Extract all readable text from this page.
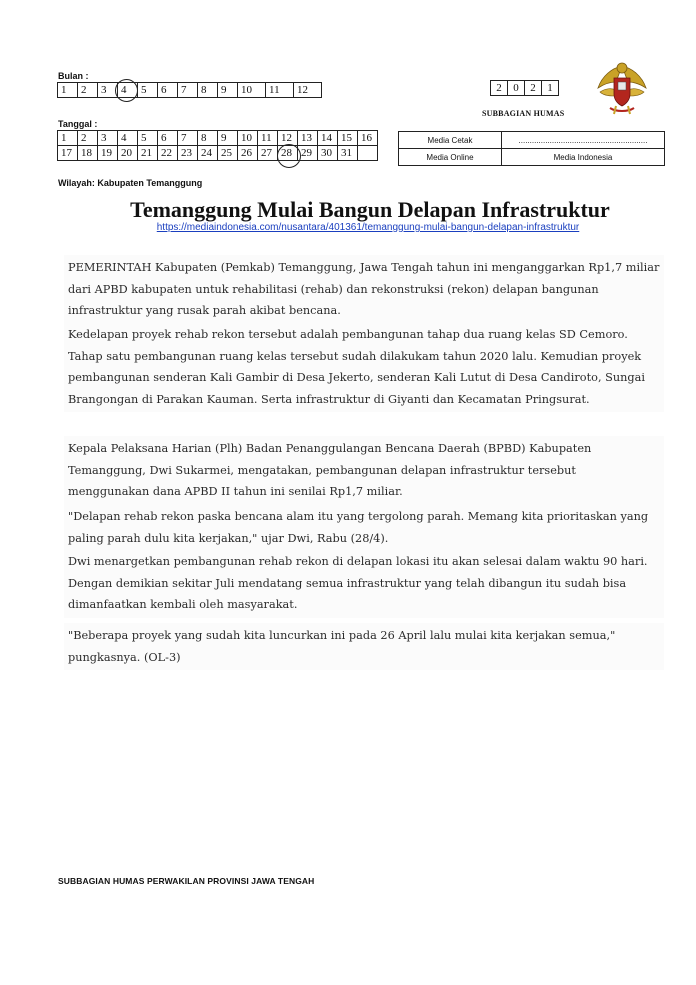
Bulan :
1	2	3	4	5	6	7	8	9	10	11	12	2	0	2	1
SUBBAGIAN HUMAS
Tanggal :
1	2	3	4	5	6	7	8	9	10	11	12	13	14	15	16
17	18	19	20	21	22	23	24	25	26	27	28	29	30	31	
Media Cetak	..........................................................
Media Online	Media Indonesia
Wilayah: Kabupaten Temanggung
Temanggung Mulai Bangun Delapan Infrastruktur
https://mediaindonesia.com/nusantara/401361/temanggung-mulai-bangun-delapan-infrastruktur
PEMERINTAH Kabupaten (Pemkab) Temanggung, Jawa Tengah tahun ini menganggarkan Rp1,7 miliar dari APBD kabupaten untuk rehabilitasi (rehab) dan rekonstruksi (rekon) delapan bangunan infrastruktur yang rusak parah akibat bencana.
Kedelapan proyek rehab rekon tersebut adalah pembangunan tahap dua ruang kelas SD Cemoro. Tahap satu pembangunan ruang kelas tersebut sudah dilakukam tahun 2020 lalu. Kemudian proyek pembangunan senderan Kali Gambir di Desa Jekerto, senderan Kali Lutut di Desa Candiroto, Sungai Brangongan di Parakan Kauman. Serta infrastruktur di Giyanti dan Kecamatan Pringsurat.
Kepala Pelaksana Harian (Plh) Badan Penanggulangan Bencana Daerah (BPBD) Kabupaten Temanggung, Dwi Sukarmei, mengatakan, pembangunan delapan infrastruktur tersebut menggunakan dana APBD II tahun ini senilai Rp1,7 miliar.
"Delapan rehab rekon paska bencana alam itu yang tergolong parah. Memang kita prioritaskan yang paling parah dulu kita kerjakan," ujar Dwi, Rabu (28/4).
Dwi menargetkan pembangunan rehab rekon di delapan lokasi itu akan selesai dalam waktu 90 hari. Dengan demikian sekitar Juli mendatang semua infrastruktur yang telah dibangun itu sudah bisa dimanfaatkan kembali oleh masyarakat.
"Beberapa proyek yang sudah kita luncurkan ini pada 26 April lalu mulai kita kerjakan semua," pungkasnya. (OL-3)
SUBBAGIAN HUMAS PERWAKILAN PROVINSI JAWA TENGAH
